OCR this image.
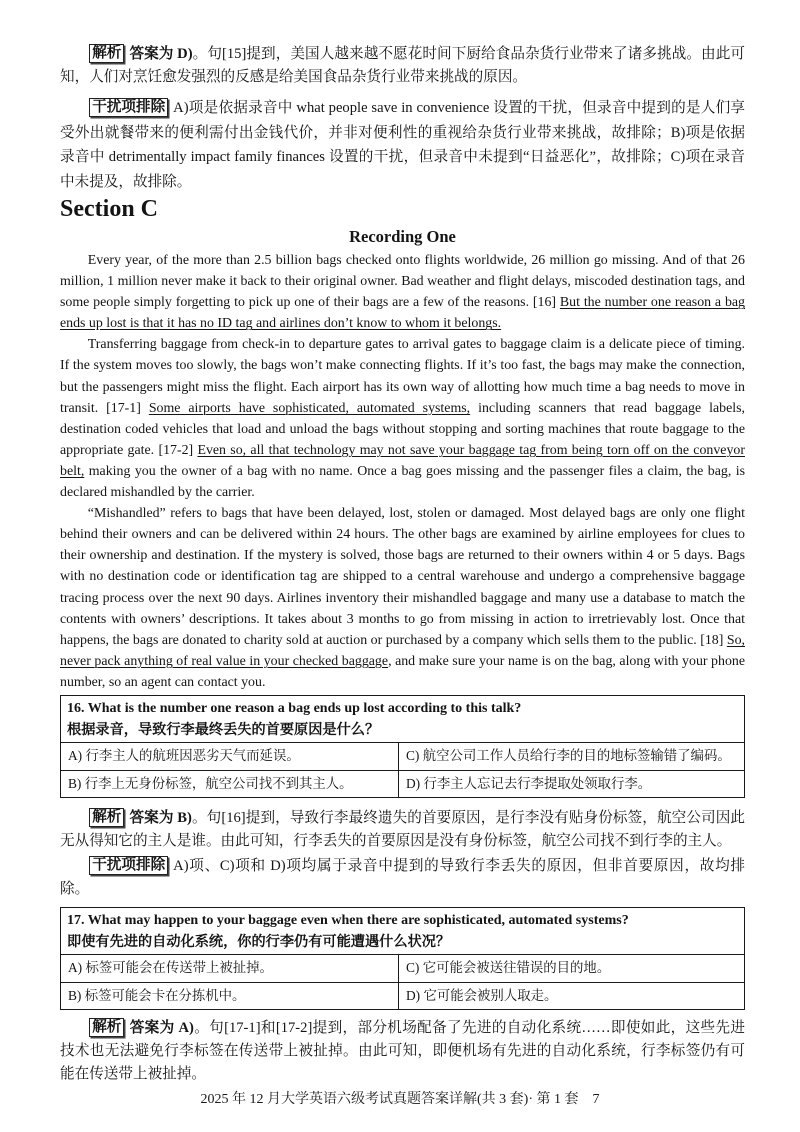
解析 答案为 D)。句[15]提到，美国人越来越不愿花时间下厨给食品杂货行业带来了诸多挑战。由此可知，人们对烹饪愈发强烈的反感是给美国食品杂货行业带来挑战的原因。

干扰项排除 A)项是依据录音中 what people save in convenience 设置的干扰，但录音中提到的是人们享受外出就餐带来的便利需付出金钱代价，并非对便利性的重视给杂货行业带来挑战，故排除；B)项是依据录音中 detrimentally impact family finances 设置的干扰，但录音中未提到“日益恶化”，故排除；C)项在录音中未提及，故排除。

Section C
Recording One

Every year, of the more than 2.5 billion bags checked onto flights worldwide, 26 million go missing. And of that 26 million, 1 million never make it back to their original owner. Bad weather and flight delays, miscoded destination tags, and some people simply forgetting to pick up one of their bags are a few of the reasons. [16] But the number one reason a bag ends up lost is that it has no ID tag and airlines don’t know to whom it belongs.

Transferring baggage from check-in to departure gates to arrival gates to baggage claim is a delicate piece of timing. If the system moves too slowly, the bags won’t make connecting flights. If it’s too fast, the bags may make the connection, but the passengers might miss the flight. Each airport has its own way of allotting how much time a bag needs to move in transit. [17-1] Some airports have sophisticated, automated systems, including scanners that read baggage labels, destination coded vehicles that load and unload the bags without stopping and sorting machines that route baggage to the appropriate gate. [17-2] Even so, all that technology may not save your baggage tag from being torn off on the conveyor belt, making you the owner of a bag with no name. Once a bag goes missing and the passenger files a claim, the bag, is declared mishandled by the carrier.

“Mishandled” refers to bags that have been delayed, lost, stolen or damaged. Most delayed bags are only one flight behind their owners and can be delivered within 24 hours. The other bags are examined by airline employees for clues to their ownership and destination. If the mystery is solved, those bags are returned to their owners within 4 or 5 days. Bags with no destination code or identification tag are shipped to a central warehouse and undergo a comprehensive baggage tracing process over the next 90 days. Airlines inventory their mishandled baggage and many use a database to match the contents with owners’ descriptions. It takes about 3 months to go from missing in action to irretrievably lost. Once that happens, the bags are donated to charity sold at auction or purchased by a company which sells them to the public. [18] So, never pack anything of real value in your checked baggage, and make sure your name is on the bag, along with your phone number, so an agent can contact you.

16. What is the number one reason a bag ends up lost according to this talk?
根据录音，导致行李最终丢失的首要原因是什么？
A) 行李主人的航班因恶劣天气而延误。	C) 航空公司工作人员给行李的目的地标签输错了编码。
B) 行李上无身份标签，航空公司找不到其主人。	D) 行李主人忘记去行李提取处领取行李。

解析 答案为 B)。句[16]提到，导致行李最终遗失的首要原因，是行李没有贴身份标签，航空公司因此无从得知它的主人是谁。由此可知，行李丢失的首要原因是没有身份标签，航空公司找不到行李的主人。

干扰项排除 A)项、C)项和 D)项均属于录音中提到的导致行李丢失的原因，但非首要原因，故均排除。

17. What may happen to your baggage even when there are sophisticated, automated systems?
即使有先进的自动化系统，你的行李仍有可能遭遇什么状况？
A) 标签可能会在传送带上被扯掉。	C) 它可能会被送往错误的目的地。
B) 标签可能会卡在分拣机中。	D) 它可能会被别人取走。

解析 答案为 A)。句[17-1]和[17-2]提到，部分机场配备了先进的自动化系统……即使如此，这些先进技术也无法避免行李标签在传送带上被扯掉。由此可知，即便机场有先进的自动化系统，行李标签仍有可能在传送带上被扯掉。

2025 年 12 月大学英语六级考试真题答案详解(共 3 套)· 第 1 套 7
